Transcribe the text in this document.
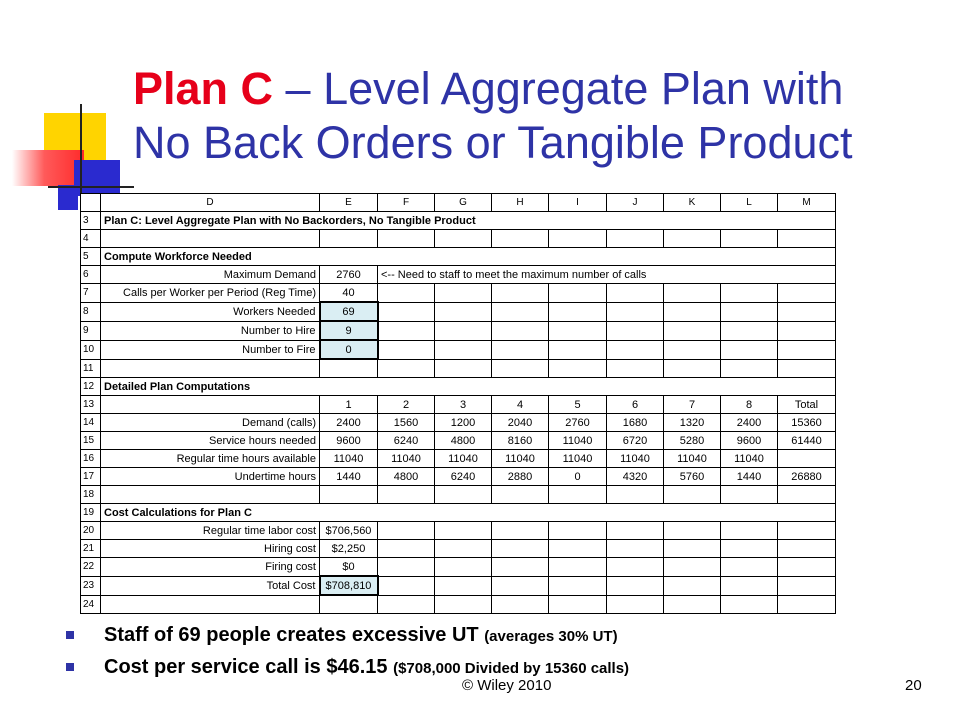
Plan C – Level Aggregate Plan with
No Back Orders or Tangible Product
	D	E	F	G	H	I	J	K	L	M
3	Plan C: Level Aggregate Plan with No Backorders, No Tangible Product									
4										
5	Compute Workforce Needed									
6	Maximum Demand	2760	<-- Need to staff to meet the maximum number of calls							
7	Calls per Worker per Period (Reg Time)	40								
8	Workers Needed	69								
9	Number to Hire	9								
10	Number to Fire	0								
11										
12	Detailed Plan Computations									
13		1	2	3	4	5	6	7	8	Total
14	Demand (calls)	2400	1560	1200	2040	2760	1680	1320	2400	15360
15	Service hours needed	9600	6240	4800	8160	11040	6720	5280	9600	61440
16	Regular time hours available	11040	11040	11040	11040	11040	11040	11040	11040	
17	Undertime hours	1440	4800	6240	2880	0	4320	5760	1440	26880
18										
19	Cost Calculations for Plan C									
20	Regular time labor cost	$706,560								
21	Hiring cost	$2,250								
22	Firing cost	$0								
23	Total Cost	$708,810								
24										
Staff of 69 people creates excessive UT (averages 30% UT)
Cost per service call is $46.15 ($708,000 Divided by 15360 calls)
© Wiley 2010	20
